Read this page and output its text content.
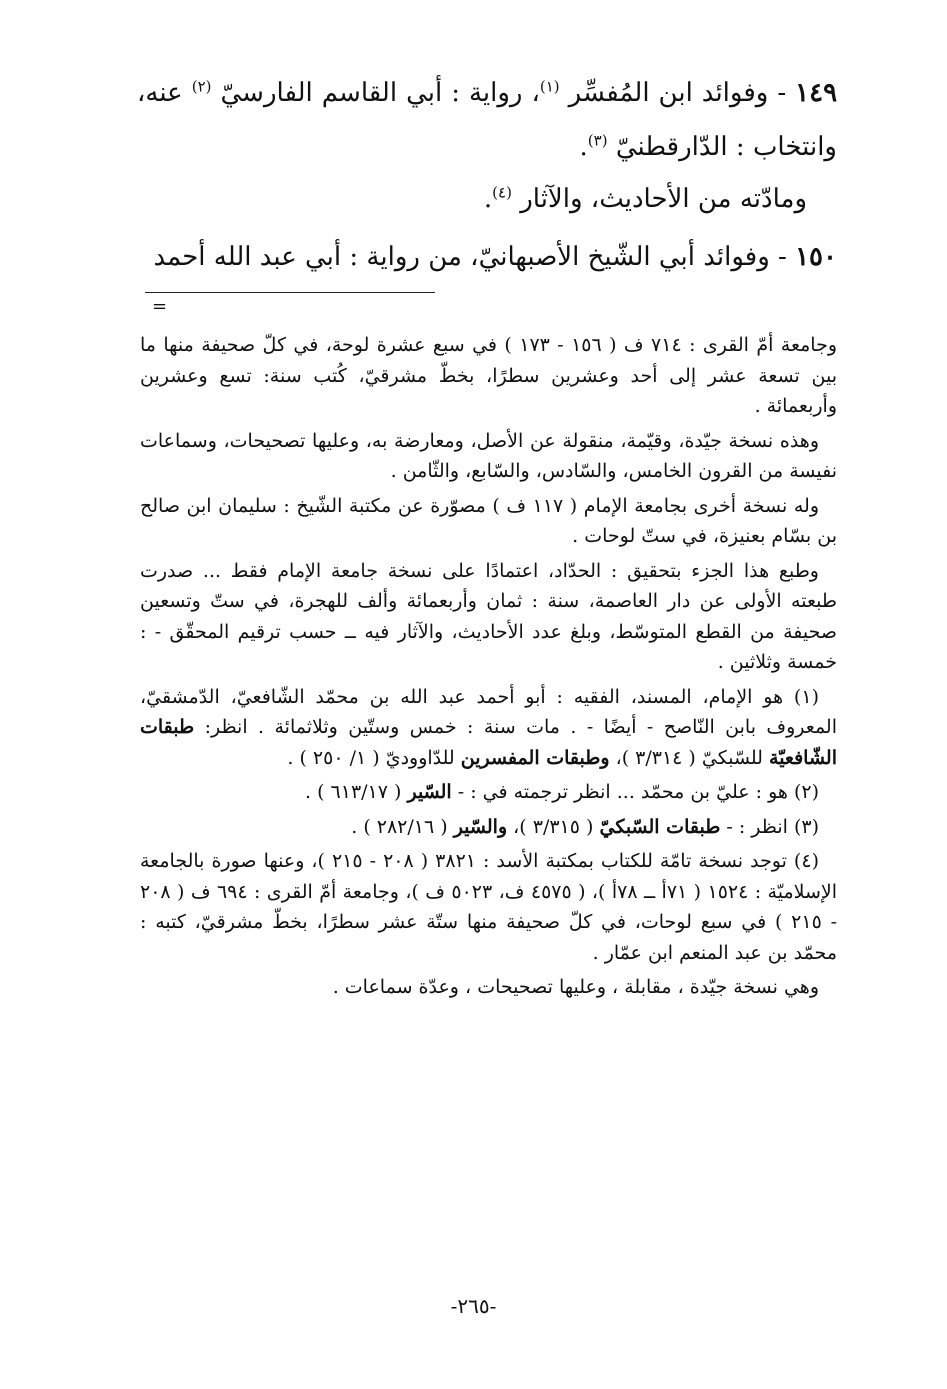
١٤٩ - وفوائد ابن المُفسِّر $^{(١)}$، رواية : أبي القاسم الفارسيّ $^{(٢)}$ عنه، وانتخاب : الدّارقطنيّ $^{(٣)}$.
ومادّته من الأحاديث، والآثار $^{(٤)}$.
١٥٠ - وفوائد أبي الشّيخ الأصبهانيّ، من رواية : أبي عبد الله أحمد
=

وجامعة أمّ القرى : ٧١٤ ف ( ١٥٦ - ١٧٣ ) في سبع عشرة لوحة، في كلّ صحيفة منها ما بين تسعة عشر إلى أحد وعشرين سطرًا، بخطّ مشرقيّ، كُتب سنة: تسع وعشرين وأربعمائة .

وهذه نسخة جيّدة، وقيّمة، منقولة عن الأصل، ومعارضة به، وعليها تصحيحات، وسماعات نفيسة من القرون الخامس، والسّادس، والسّابع، والثّامن .

وله نسخة أخرى بجامعة الإمام ( ١١٧ ف ) مصوّرة عن مكتبة الشّيخ : سليمان ابن صالح بن بسّام بعنيزة، في ستّ لوحات .

وطبع هذا الجزء بتحقيق : الحدّاد، اعتمادًا على نسخة جامعة الإمام فقط ... صدرت طبعته الأولى عن دار العاصمة، سنة : ثمان وأربعمائة وألف للهجرة، في ستّ وتسعين صحيفة من القطع المتوسّط، وبلغ عدد الأحاديث، والآثار فيه ــ حسب ترقيم المحقّق - : خمسة وثلاثين .

(١) هو الإمام، المسند، الفقيه : أبو أحمد عبد الله بن محمّد الشّافعيّ، الدّمشقيّ، المعروف بابن النّاصح - أيضًا - . مات سنة : خمس وستّين وثلاثمائة . انظر: طبقات الشّافعيّة للسّبكيّ ( ٣/٣١٤ )، وطبقات المفسرين للدّاووديّ ( ١/ ٢٥٠ ) .

(٢) هو : عليّ بن محمّد ... انظر ترجمته في : - السّير ( ٦١٣/١٧ ) .

(٣) انظر : - طبقات السّبكيّ ( ٣/٣١٥ )، والسّير ( ٢٨٢/١٦ ) .

(٤) توجد نسخة تامّة للكتاب بمكتبة الأسد : ٣٨٢١ ( ٢٠٨ - ٢١٥ )، وعنها صورة بالجامعة الإسلاميّة : ١٥٢٤ ( ٧١أ ــ ٧٨أ )، ( ٤٥٧٥ ف، ٥٠٢٣ ف )، وجامعة أمّ القرى : ٦٩٤ ف ( ٢٠٨ - ٢١٥ ) في سبع لوحات، في كلّ صحيفة منها ستّة عشر سطرًا، بخطّ مشرقيّ، كتبه : محمّد بن عبد المنعم ابن عمّار .

وهي نسخة جيّدة ، مقابلة ، وعليها تصحيحات ، وعدّة سماعات .

-٢٦٥-
